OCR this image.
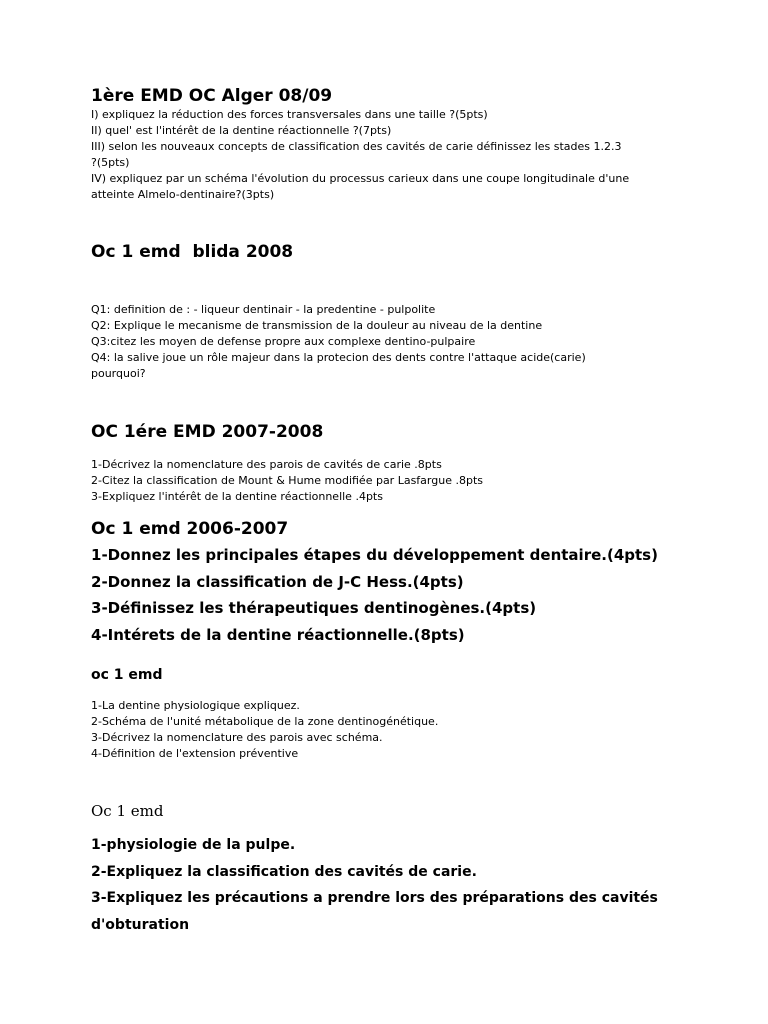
1ère EMD OC Alger 08/09

I) expliquez la réduction des forces transversales dans une taille ?(5pts)

II) quel' est l'intérêt de la dentine réactionnelle ?(7pts)

III) selon les nouveaux concepts de classification des cavités de carie définissez les stades 1.2.3

?(5pts)

IV) expliquez par un schéma l'évolution du processus carieux dans une coupe longitudinale d'une

atteinte Almelo-dentinaire?(3pts)

Oc 1 emd  blida 2008

Q1: definition de : - liqueur dentinair - la predentine - pulpolite

Q2: Explique le mecanisme de transmission de la douleur au niveau de la dentine

Q3:citez les moyen de defense propre aux complexe dentino-pulpaire

Q4: la salive joue un rôle majeur dans la protecion des dents contre l'attaque acide(carie)

pourquoi?

OC 1ére EMD 2007-2008

1-Décrivez la nomenclature des parois de cavités de carie .8pts

2-Citez la classification de Mount & Hume modifiée par Lasfargue .8pts

3-Expliquez l'intérêt de la dentine réactionnelle .4pts

Oc 1 emd 2006-2007

1-Donnez les principales étapes du développement dentaire.(4pts)

2-Donnez la classification de J-C Hess.(4pts)

3-Définissez les thérapeutiques dentinogènes.(4pts)

4-Intérets de la dentine réactionnelle.(8pts)

oc 1 emd

1-La dentine physiologique expliquez.

2-Schéma de l'unité métabolique de la zone dentinogénétique.

3-Décrivez la nomenclature des parois avec schéma.

4-Définition de l'extension préventive

Oc 1 emd

1-physiologie de la pulpe.

2-Expliquez la classification des cavités de carie.

3-Expliquez les précautions a prendre lors des préparations des cavités

d'obturation
